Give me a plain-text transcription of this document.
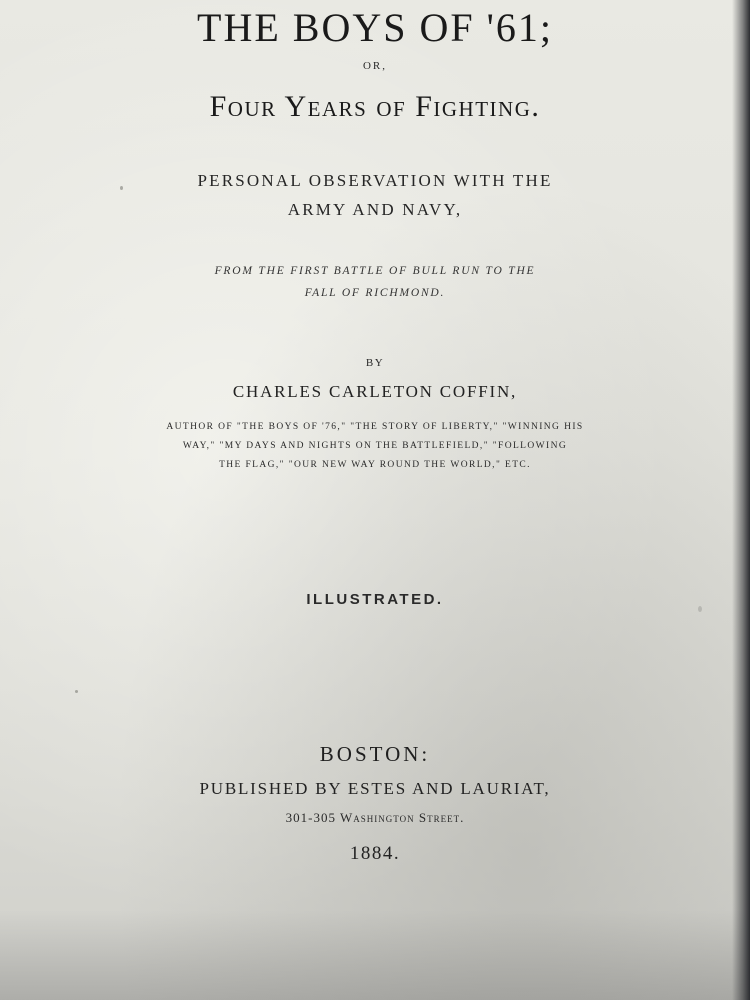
THE BOYS OF '61;
OR,
Four Years of Fighting.
PERSONAL OBSERVATION WITH THE
ARMY AND NAVY,
FROM THE FIRST BATTLE OF BULL RUN TO THE
FALL OF RICHMOND.
BY
CHARLES CARLETON COFFIN,
AUTHOR OF "THE BOYS OF '76," "THE STORY OF LIBERTY," "WINNING HIS
WAY," "MY DAYS AND NIGHTS ON THE BATTLEFIELD," "FOLLOWING
THE FLAG," "OUR NEW WAY ROUND THE WORLD," ETC.
ILLUSTRATED.
BOSTON:
PUBLISHED BY ESTES AND LAURIAT,
301-305 Washington Street.
1884.
